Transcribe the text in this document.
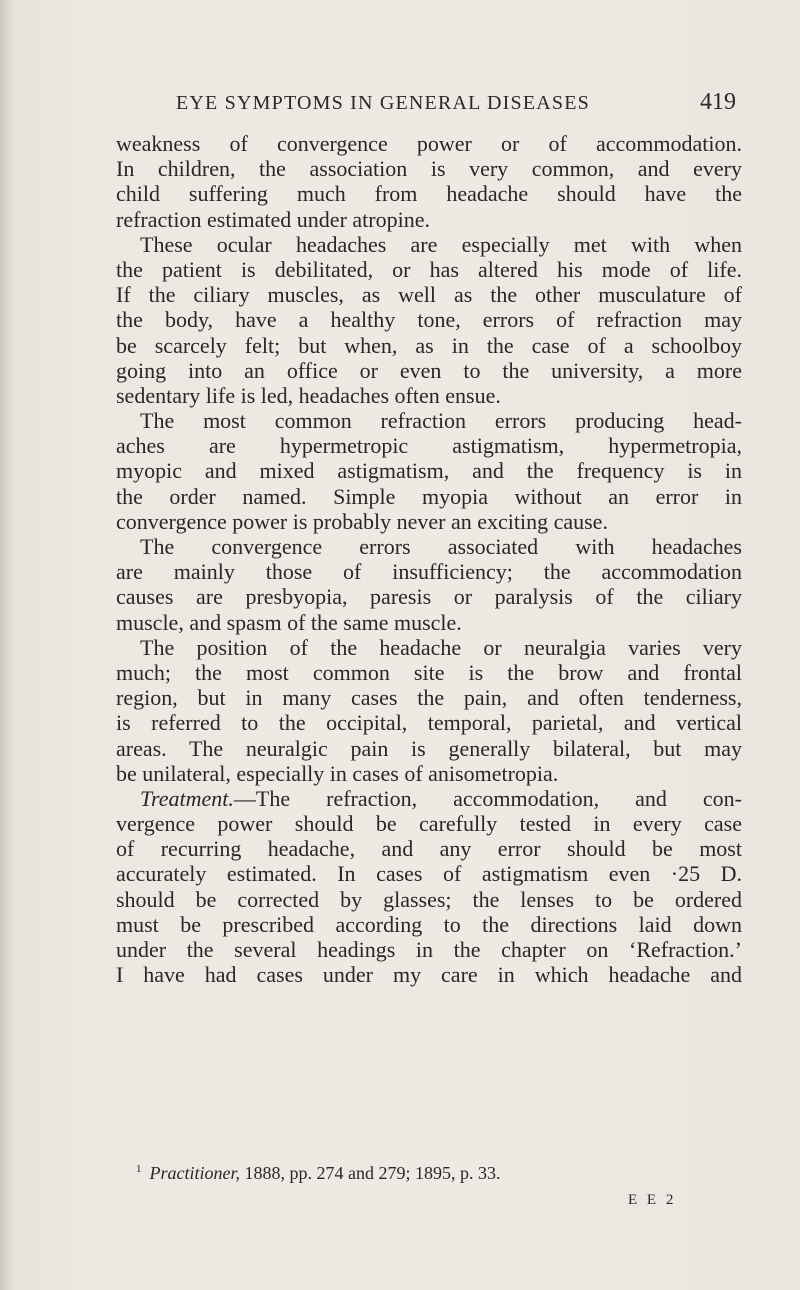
EYE SYMPTOMS IN GENERAL DISEASES	419
weakness of convergence power or of accommodation.
In children, the association is very common, and every
child suffering much from headache should have the
refraction estimated under atropine.
These ocular headaches are especially met with when
the patient is debilitated, or has altered his mode of life.
If the ciliary muscles, as well as the other musculature of
the body, have a healthy tone, errors of refraction may
be scarcely felt; but when, as in the case of a schoolboy
going into an office or even to the university, a more
sedentary life is led, headaches often ensue.
The most common refraction errors producing head-
aches are hypermetropic astigmatism, hypermetropia,
myopic and mixed astigmatism, and the frequency is in
the order named. Simple myopia without an error in
convergence power is probably never an exciting cause.
The convergence errors associated with headaches
are mainly those of insufficiency; the accommodation
causes are presbyopia, paresis or paralysis of the ciliary
muscle, and spasm of the same muscle.
The position of the headache or neuralgia varies very
much; the most common site is the brow and frontal
region, but in many cases the pain, and often tenderness,
is referred to the occipital, temporal, parietal, and vertical
areas. The neuralgic pain is generally bilateral, but may
be unilateral, especially in cases of anisometropia.
Treatment.—The refraction, accommodation, and con-
vergence power should be carefully tested in every case
of recurring headache, and any error should be most
accurately estimated. In cases of astigmatism even ·25 D.
should be corrected by glasses; the lenses to be ordered
must be prescribed according to the directions laid down
under the several headings in the chapter on ‘Refraction.’
I have had cases under my care in which headache and
$^1$ Practitioner, 1888, pp. 274 and 279; 1895, p. 33.
E E 2
